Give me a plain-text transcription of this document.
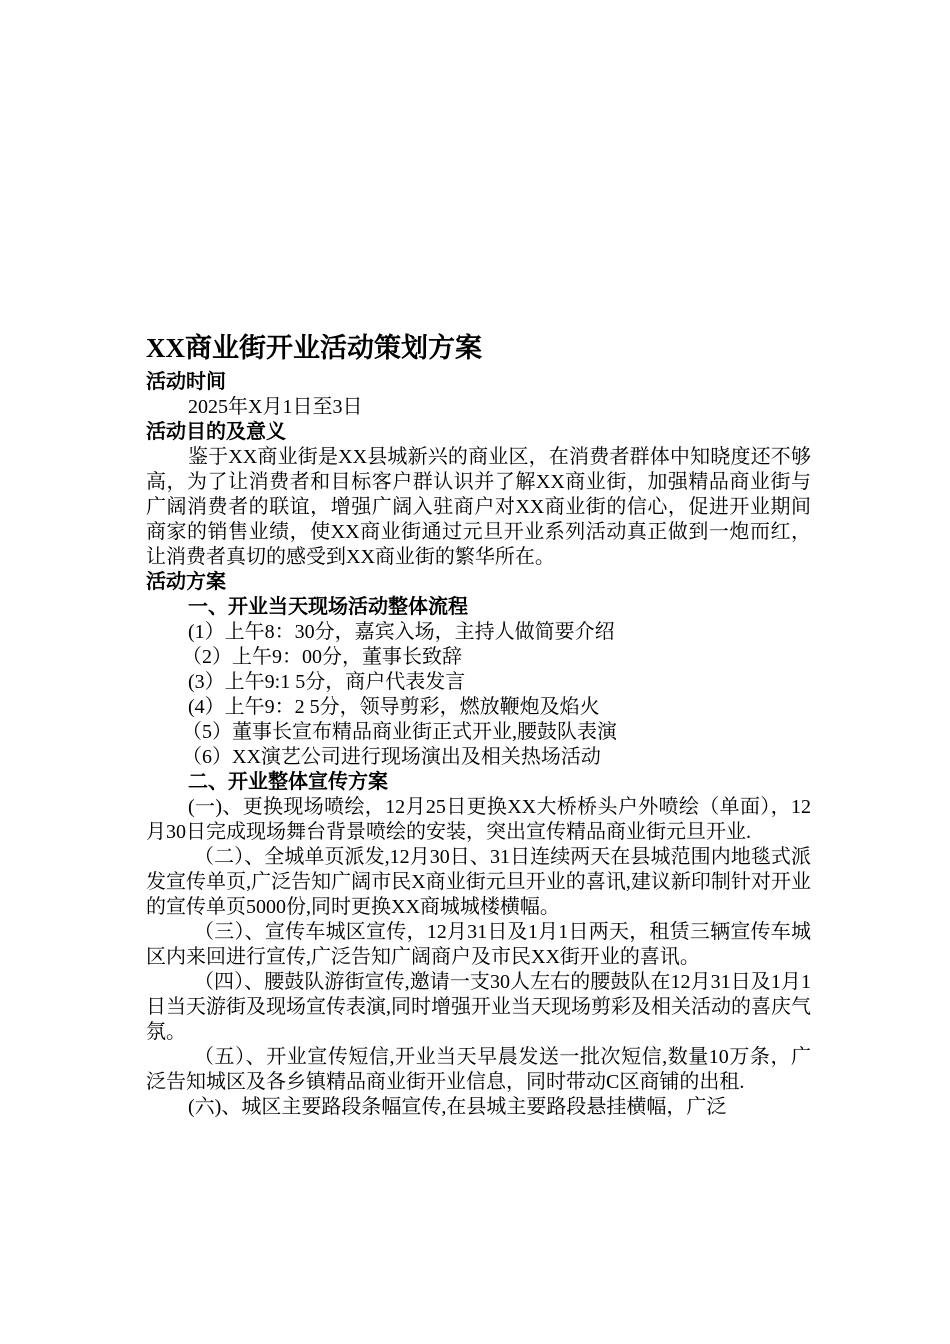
XX商业街开业活动策划方案

活动时间

2025年X月1日至3日

活动目的及意义

鉴于XX商业街是XX县城新兴的商业区，在消费者群体中知晓度还不够高，为了让消费者和目标客户群认识并了解XX商业街，加强精品商业街与广阔消费者的联谊，增强广阔入驻商户对XX商业街的信心，促进开业期间商家的销售业绩，使XX商业街通过元旦开业系列活动真正做到一炮而红，让消费者真切的感受到XX商业街的繁华所在。

活动方案

一、开业当天现场活动整体流程

(1）上午8：30分，嘉宾入场，主持人做简要介绍

（2）上午9：00分，董事长致辞

(3）上午9:1 5分，商户代表发言

(4）上午9：2 5分，领导剪彩，燃放鞭炮及焰火

（5）董事长宣布精品商业街正式开业,腰鼓队表演

（6）XX演艺公司进行现场演出及相关热场活动

二、开业整体宣传方案

(一)、更换现场喷绘，12月25日更换XX大桥桥头户外喷绘（单面），12月30日完成现场舞台背景喷绘的安装，突出宣传精品商业街元旦开业.

（二）、全城单页派发,12月30日、31日连续两天在县城范围内地毯式派发宣传单页,广泛告知广阔市民X商业街元旦开业的喜讯,建议新印制针对开业的宣传单页5000份,同时更换XX商城城楼横幅。

（三）、宣传车城区宣传，12月31日及1月1日两天，租赁三辆宣传车城区内来回进行宣传,广泛告知广阔商户及市民XX街开业的喜讯。

（四）、腰鼓队游街宣传,邀请一支30人左右的腰鼓队在12月31日及1月1日当天游街及现场宣传表演,同时增强开业当天现场剪彩及相关活动的喜庆气氛。

（五）、开业宣传短信,开业当天早晨发送一批次短信,数量10万条，广泛告知城区及各乡镇精品商业街开业信息，同时带动C区商铺的出租.

(六)、城区主要路段条幅宣传,在县城主要路段悬挂横幅，广泛
